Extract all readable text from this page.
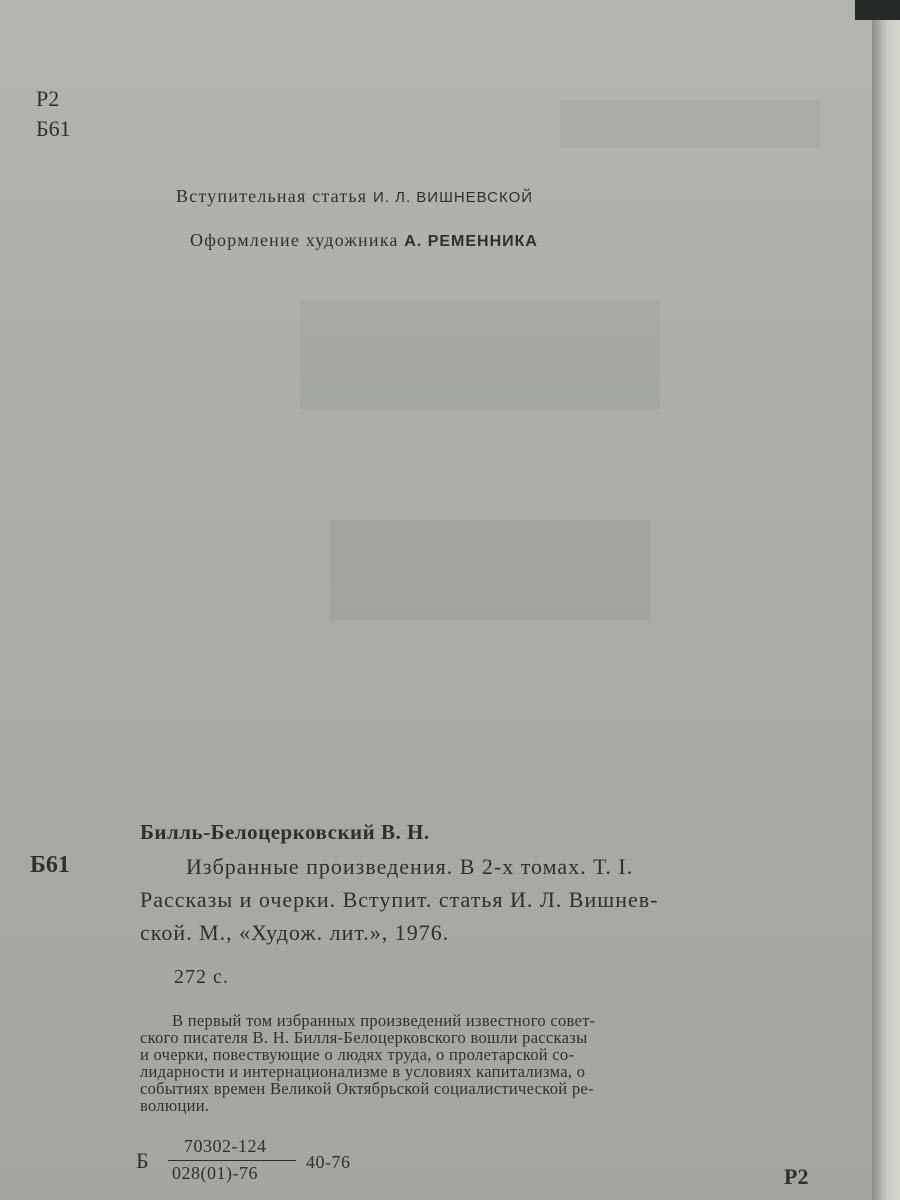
Р2
Б61
Вступительная статья И. Л. ВИШНЕВСКОЙ
Оформление художника А. РЕМЕННИКА
Билль-Белоцерковский В. Н.
Б61	Избранные произведения. В 2-х томах. Т. I.
Рассказы и очерки. Вступит. статья И. Л. Вишнев-
ской. М., «Худож. лит.», 1976.
272 с.
В первый том избранных произведений известного совет-
ского писателя В. Н. Билля-Белоцерковского вошли рассказы
и очерки, повествующие о людях труда, о пролетарской со-
лидарности и интернационализме в условиях капитализма, о
событиях времен Великой Октябрьской социалистической ре-
волюции.
Б
70302-124
028(01)-76
40-76
Р2
